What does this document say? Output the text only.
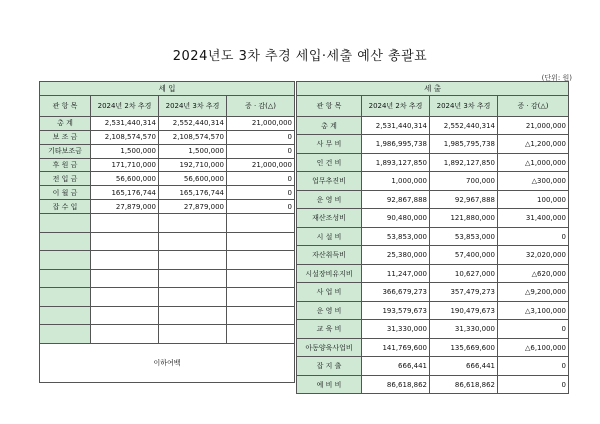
2024년도 3차 추경 세입·세출 예산 총괄표
(단위: 원)
세 입			
관 항 목	2024년 2차 추경	2024년 3차 추경	증 · 감(△)
총 계	2,531,440,314	2,552,440,314	21,000,000
보 조 금	2,108,574,570	2,108,574,570	0
기타보조금	1,500,000	1,500,000	0
후 원 금	171,710,000	192,710,000	21,000,000
전 입 금	56,600,000	56,600,000	0
이 월 금	165,176,744	165,176,744	0
잡 수 입	27,879,000	27,879,000	0

이하여백			
세 출			
관 항 목	2024년 2차 추경	2024년 3차 추경	증 · 감(△)
총 계	2,531,440,314	2,552,440,314	21,000,000
사 무 비	1,986,995,738	1,985,795,738	△1,200,000
인 건 비	1,893,127,850	1,892,127,850	△1,000,000
업무추진비	1,000,000	700,000	△300,000
운 영 비	92,867,888	92,967,888	100,000
재산조성비	90,480,000	121,880,000	31,400,000
시 설 비	53,853,000	53,853,000	0
자산취득비	25,380,000	57,400,000	32,020,000
시설장비유지비	11,247,000	10,627,000	△620,000
사 업 비	366,679,273	357,479,273	△9,200,000
운 영 비	193,579,673	190,479,673	△3,100,000
교 육 비	31,330,000	31,330,000	0
아동양육사업비	141,769,600	135,669,600	△6,100,000
잡 지 출	666,441	666,441	0
예 비 비	86,618,862	86,618,862	0
